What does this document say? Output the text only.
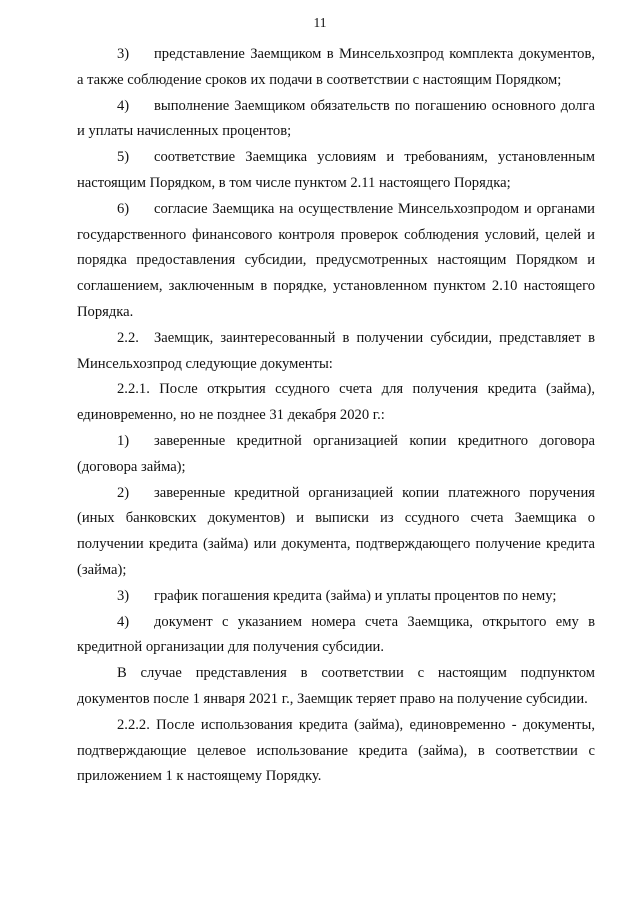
11

3) представление Заемщиком в Минсельхозпрод комплекта документов, а также соблюдение сроков их подачи в соответствии с настоящим Порядком;

4) выполнение Заемщиком обязательств по погашению основного долга и уплаты начисленных процентов;

5) соответствие Заемщика условиям и требованиям, установленным настоящим Порядком, в том числе пунктом 2.11 настоящего Порядка;

6) согласие Заемщика на осуществление Минсельхозпродом и органами государственного финансового контроля проверок соблюдения условий, целей и порядка предоставления субсидии, предусмотренных настоящим Порядком и соглашением, заключенным в порядке, установленном пунктом 2.10 настоящего Порядка.

2.2. Заемщик, заинтересованный в получении субсидии, представляет в Минсельхозпрод следующие документы:

2.2.1. После открытия ссудного счета для получения кредита (займа), единовременно, но не позднее 31 декабря 2020 г.:

1) заверенные кредитной организацией копии кредитного договора (договора займа);

2) заверенные кредитной организацией копии платежного поручения (иных банковских документов) и выписки из ссудного счета Заемщика о получении кредита (займа) или документа, подтверждающего получение кредита (займа);

3) график погашения кредита (займа) и уплаты процентов по нему;

4) документ с указанием номера счета Заемщика, открытого ему в кредитной организации для получения субсидии.

В случае представления в соответствии с настоящим подпунктом документов после 1 января 2021 г., Заемщик теряет право на получение субсидии.

2.2.2. После использования кредита (займа), единовременно - документы, подтверждающие целевое использование кредита (займа), в соответствии с приложением 1 к настоящему Порядку.
